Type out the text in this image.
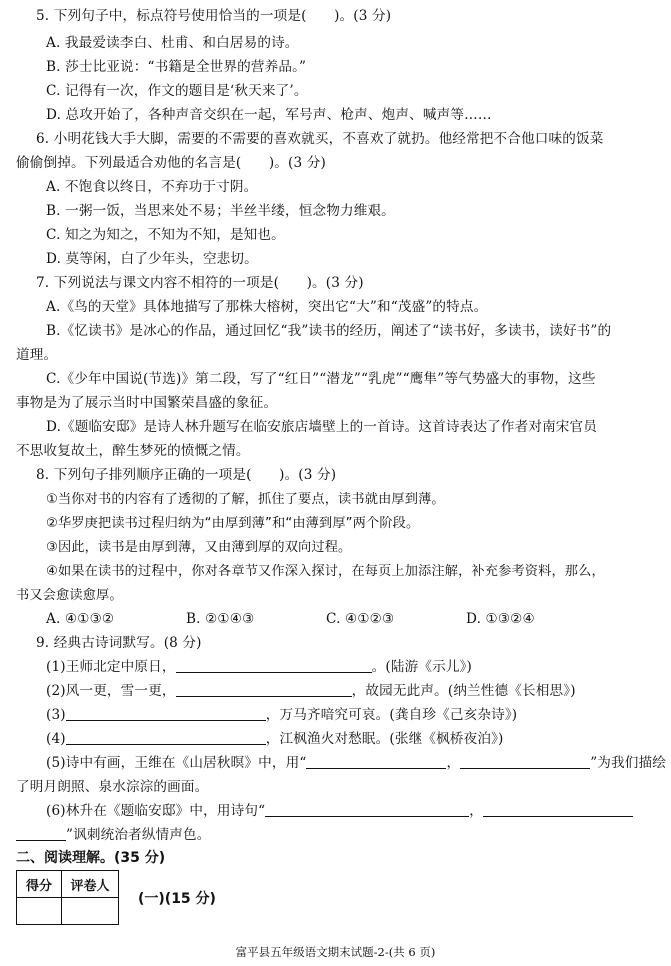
5. 下列句子中，标点符号使用恰当的一项是(　　)。(3 分)
A. 我最爱读李白、杜甫、和白居易的诗。
B. 莎士比亚说：“书籍是全世界的营养品。”
C. 记得有一次，作文的题目是‘秋天来了’。
D. 总攻开始了，各种声音交织在一起，军号声、枪声、炮声、喊声等……
6. 小明花钱大手大脚，需要的不需要的喜欢就买，不喜欢了就扔。他经常把不合他口味的饭菜
偷偷倒掉。下列最适合劝他的名言是(　　)。(3 分)
A. 不饱食以终日，不弃功于寸阴。
B. 一粥一饭，当思来处不易；半丝半缕，恒念物力维艰。
C. 知之为知之，不知为不知，是知也。
D. 莫等闲，白了少年头，空悲切。
7. 下列说法与课文内容不相符的一项是(　　)。(3 分)
A.《鸟的天堂》具体地描写了那株大榕树，突出它“大”和“茂盛”的特点。
B.《忆读书》是冰心的作品，通过回忆“我”读书的经历，阐述了“读书好，多读书，读好书”的
道理。
C.《少年中国说(节选)》第二段，写了“红日”“潜龙”“乳虎”“鹰隼”等气势盛大的事物，这些
事物是为了展示当时中国繁荣昌盛的象征。
D.《题临安邸》是诗人林升题写在临安旅店墙壁上的一首诗。这首诗表达了作者对南宋官员
不思收复故土，醉生梦死的愤慨之情。
8. 下列句子排列顺序正确的一项是(　　)。(3 分)
①当你对书的内容有了透彻的了解，抓住了要点，读书就由厚到薄。
②华罗庚把读书过程归纳为“由厚到薄”和“由薄到厚”两个阶段。
③因此，读书是由厚到薄，又由薄到厚的双向过程。
④如果在读书的过程中，你对各章节又作深入探讨，在每页上加添注解，补充参考资料，那么，
书又会愈读愈厚。
A. ④①③②	B. ②①④③	C. ④①②③	D. ①③②④
9. 经典古诗词默写。(8 分)
(1)王师北定中原日，	。(陆游《示儿》)
(2)风一更，雪一更，	，故园无此声。(纳兰性德《长相思》)
(3)	，万马齐喑究可哀。(龚自珍《己亥杂诗》)
(4)	，江枫渔火对愁眠。(张继《枫桥夜泊》)
(5)诗中有画，王维在《山居秋暝》中，用“	，	”为我们描绘
了明月朗照、泉水淙淙的画面。
(6)林升在《题临安邸》中，用诗句“	，
”讽刺统治者纵情声色。
二、阅读理解。(35 分)
得分	评卷人

(一)(15 分)
富平县五年级语文期末试题-2-(共 6 页)
